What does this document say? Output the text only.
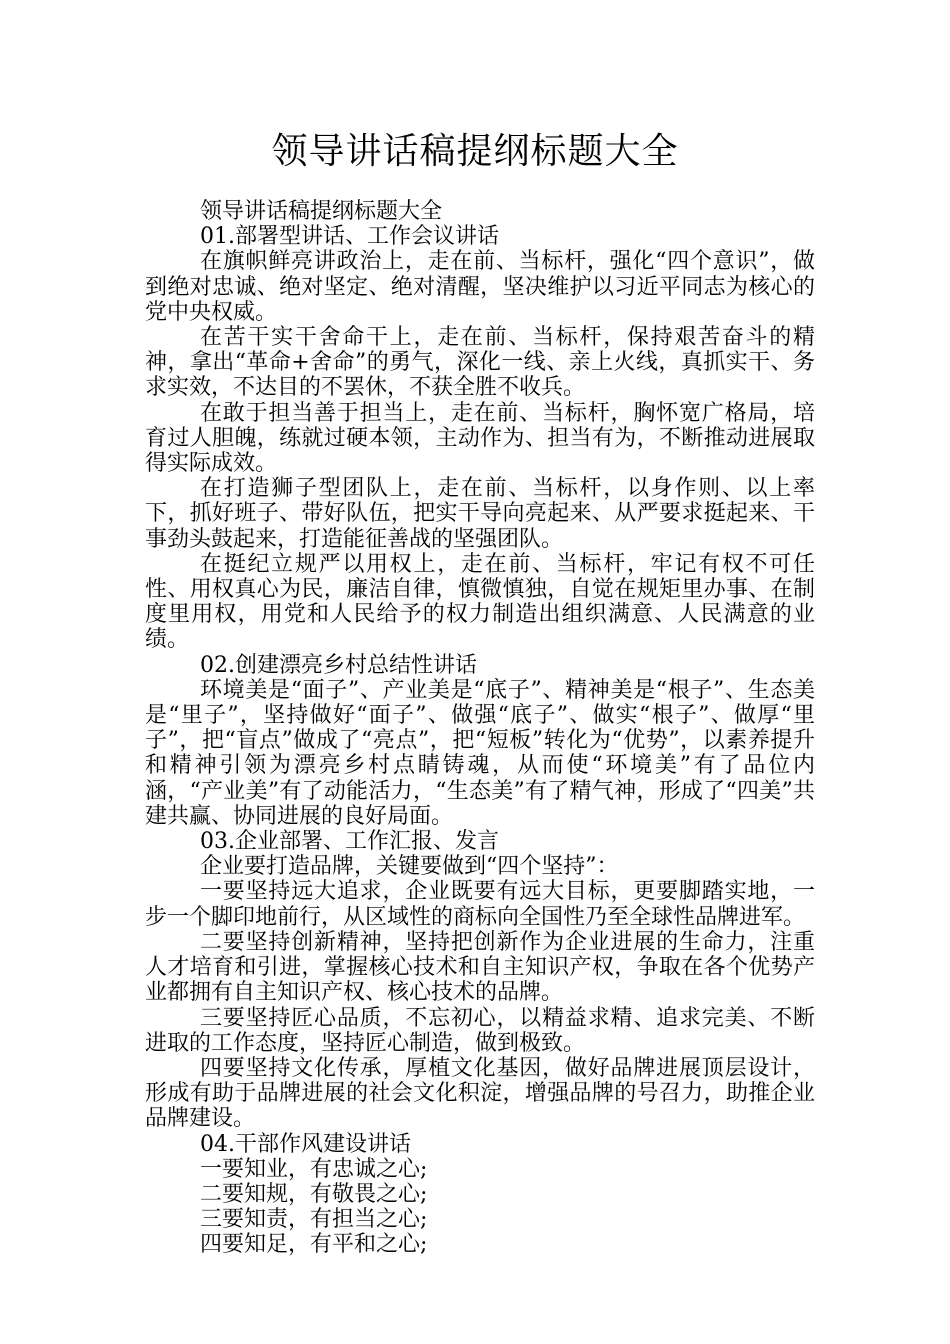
领导讲话稿提纲标题大全

领导讲话稿提纲标题大全

01.部署型讲话、工作会议讲话

在旗帜鲜亮讲政治上，走在前、当标杆，强化“四个意识”，做到绝对忠诚、绝对坚定、绝对清醒，坚决维护以习近平同志为核心的党中央权威。

在苦干实干舍命干上，走在前、当标杆，保持艰苦奋斗的精神，拿出“革命+舍命”的勇气，深化一线、亲上火线，真抓实干、务求实效，不达目的不罢休，不获全胜不收兵。

在敢于担当善于担当上，走在前、当标杆，胸怀宽广格局，培育过人胆魄，练就过硬本领，主动作为、担当有为，不断推动进展取得实际成效。

在打造狮子型团队上，走在前、当标杆，以身作则、以上率下，抓好班子、带好队伍，把实干导向亮起来、从严要求挺起来、干事劲头鼓起来，打造能征善战的坚强团队。

在挺纪立规严以用权上，走在前、当标杆，牢记有权不可任性、用权真心为民，廉洁自律，慎微慎独，自觉在规矩里办事、在制度里用权，用党和人民给予的权力制造出组织满意、人民满意的业绩。

02.创建漂亮乡村总结性讲话

环境美是“面子”、产业美是“底子”、精神美是“根子”、生态美是“里子”，坚持做好“面子”、做强“底子”、做实“根子”、做厚“里子”，把“盲点”做成了“亮点”，把“短板”转化为“优势”，以素养提升和精神引领为漂亮乡村点睛铸魂，从而使“环境美”有了品位内涵，“产业美”有了动能活力，“生态美”有了精气神，形成了“四美”共建共赢、协同进展的良好局面。

03.企业部署、工作汇报、发言

企业要打造品牌，关键要做到“四个坚持”：

一要坚持远大追求，企业既要有远大目标，更要脚踏实地，一步一个脚印地前行，从区域性的商标向全国性乃至全球性品牌进军。

二要坚持创新精神，坚持把创新作为企业进展的生命力，注重人才培育和引进，掌握核心技术和自主知识产权，争取在各个优势产业都拥有自主知识产权、核心技术的品牌。

三要坚持匠心品质，不忘初心，以精益求精、追求完美、不断进取的工作态度，坚持匠心制造，做到极致。

四要坚持文化传承，厚植文化基因，做好品牌进展顶层设计，形成有助于品牌进展的社会文化积淀，增强品牌的号召力，助推企业品牌建设。

04.干部作风建设讲话

一要知业，有忠诚之心;

二要知规，有敬畏之心;

三要知责，有担当之心;

四要知足，有平和之心;
